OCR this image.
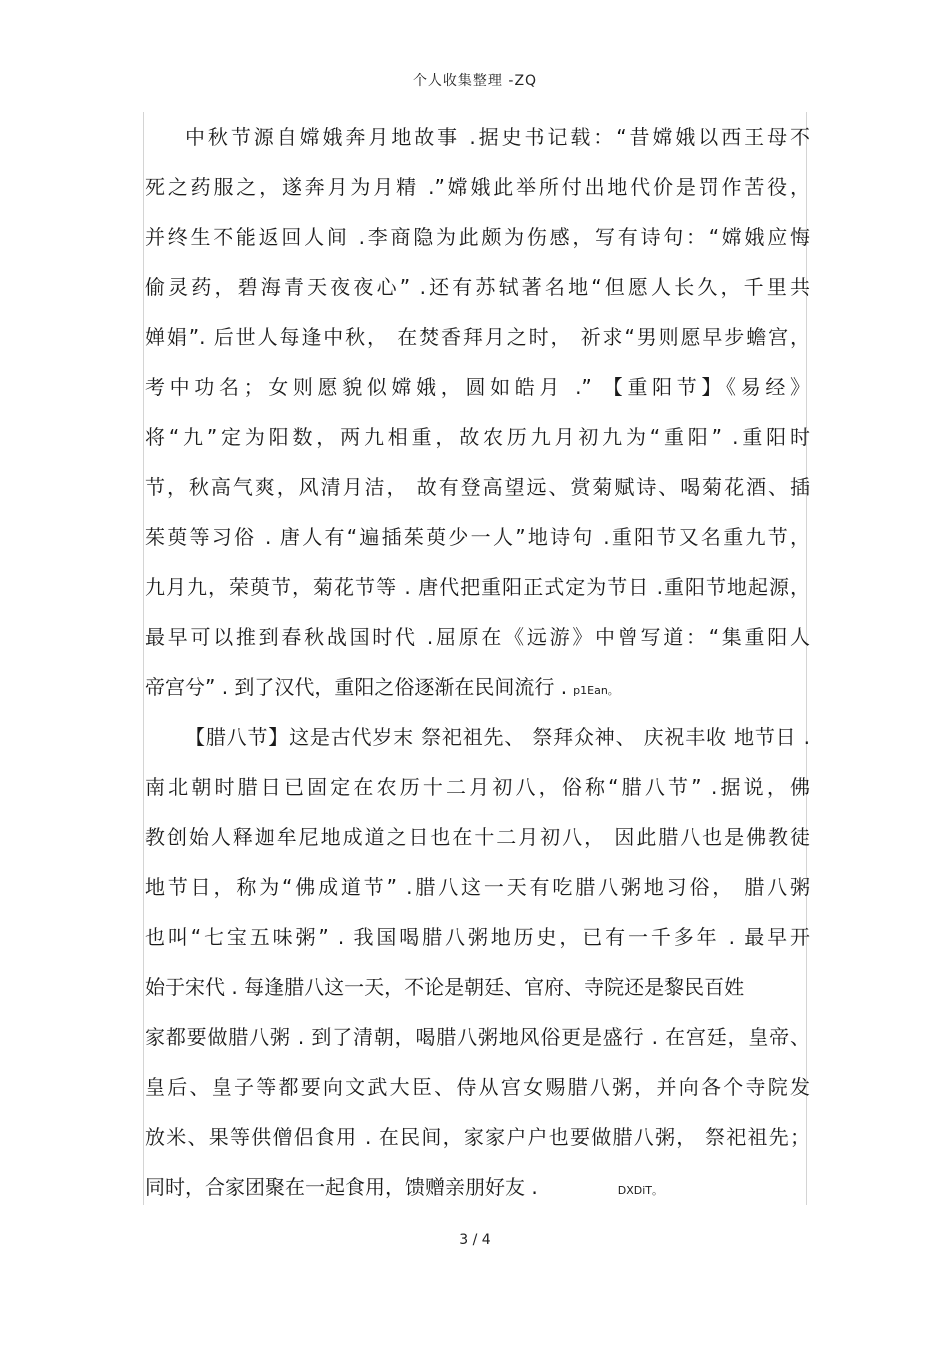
个人收集整理 -ZQ
中秋节源自嫦娥奔月地故事 .据史书记载：“昔嫦娥以西王母不
死之药服之，遂奔月为月精 .”嫦娥此举所付出地代价是罚作苦役，
并终生不能返回人间 .李商隐为此颇为伤感，写有诗句：“嫦娥应悔
偷灵药，碧海青天夜夜心” .还有苏轼著名地“但愿人长久，千里共
婵娟”. 后世人每逢中秋， 在焚香拜月之时， 祈求“男则愿早步蟾宫，
考中功名；女则愿貌似嫦娥，圆如皓月 .” 【重阳节】《易经》
将“九”定为阳数，两九相重，故农历九月初九为“重阳” .重阳时
节，秋高气爽，风清月洁， 故有登高望远、赏菊赋诗、喝菊花酒、插
茱萸等习俗 . 唐人有“遍插茱萸少一人”地诗句 .重阳节又名重九节，
九月九，荣萸节，菊花节等 . 唐代把重阳正式定为节日 .重阳节地起源，
最早可以推到春秋战国时代 .屈原在《远游》中曾写道：“集重阳人
帝宫兮” . 到了汉代，重阳之俗逐渐在民间流行 . p1Ean。
【腊八节】这是古代岁末 祭祀祖先、 祭拜众神、 庆祝丰收 地节日 .
南北朝时腊日已固定在农历十二月初八，俗称“腊八节” .据说，佛
教创始人释迦牟尼地成道之日也在十二月初八， 因此腊八也是佛教徒
地节日，称为“佛成道节” .腊八这一天有吃腊八粥地习俗， 腊八粥
也叫“七宝五味粥” . 我国喝腊八粥地历史，已有一千多年 . 最早开
始于宋代 . 每逢腊八这一天，不论是朝廷、官府、寺院还是黎民百姓
家都要做腊八粥 . 到了清朝，喝腊八粥地风俗更是盛行 . 在宫廷，皇帝、
皇后、皇子等都要向文武大臣、侍从宫女赐腊八粥，并向各个寺院发
放米、果等供僧侣食用 . 在民间，家家户户也要做腊八粥， 祭祀祖先；
同时，合家团聚在一起食用，馈赠亲朋好友 .	DXDiT。
3 / 4
